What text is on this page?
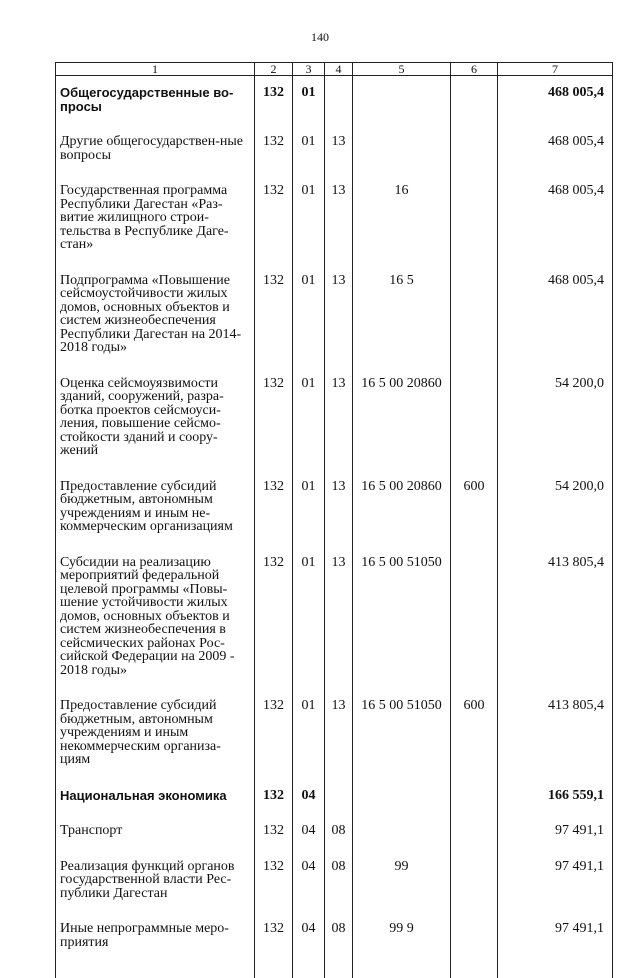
140
1	2	3	4	5	6	7
Общегосударственные во-просы	132	01				468 005,4
Другие общегосударствен-ные вопросы	132	01	13			468 005,4
Государственная программа Республики Дагестан «Раз-витие жилищного строи-тельства в Республике Даге-стан»	132	01	13	16		468 005,4
Подпрограмма «Повышение сейсмоустойчивости жилых домов, основных объектов и систем жизнеобеспечения Республики Дагестан на 2014-2018 годы»	132	01	13	16 5		468 005,4
Оценка сейсмоуязвимости зданий, сооружений, разра-ботка проектов сейсмоуси-ления, повышение сейсмо-стойкости зданий и соору-жений	132	01	13	16 5 00 20860		54 200,0
Предоставление субсидий бюджетным, автономным учреждениям и иным не-коммерческим организациям	132	01	13	16 5 00 20860	600	54 200,0
Субсидии на реализацию мероприятий федеральной целевой программы «Повы-шение устойчивости жилых домов, основных объектов и систем жизнеобеспечения в сейсмических районах Рос-сийской Федерации на 2009 - 2018 годы»	132	01	13	16 5 00 51050		413 805,4
Предоставление субсидий бюджетным, автономным учреждениям и иным некоммерческим организа-циям	132	01	13	16 5 00 51050	600	413 805,4
Национальная экономика	132	04				166 559,1
Транспорт	132	04	08			97 491,1
Реализация функций органов государственной власти Рес-публики Дагестан	132	04	08	99		97 491,1
Иные непрограммные меро-приятия	132	04	08	99 9		97 491,1
